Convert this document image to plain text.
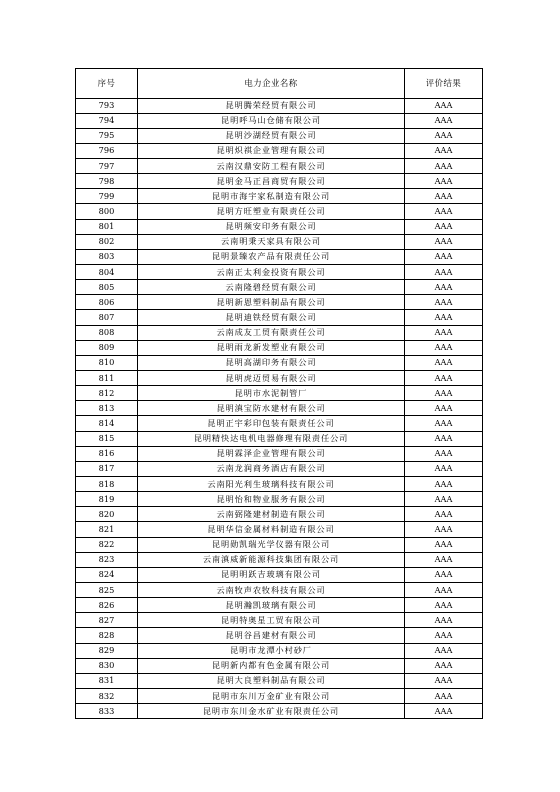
序号	电力企业名称	评价结果
793	昆明腾荣经贸有限公司	AAA
794	昆明呼马山仓储有限公司	AAA
795	昆明沙湖经贸有限公司	AAA
796	昆明炽祺企业管理有限公司	AAA
797	云南汉鼎安防工程有限公司	AAA
798	昆明金马正昌商贸有限公司	AAA
799	昆明市海宇家私制造有限公司	AAA
800	昆明方旺塑业有限责任公司	AAA
801	昆明频安印务有限公司	AAA
802	云南明秉天家具有限公司	AAA
803	昆明景臻农产品有限责任公司	AAA
804	云南正太利金投资有限公司	AAA
805	云南隆碧经贸有限公司	AAA
806	昆明新恩塑料制品有限公司	AAA
807	昆明迪铁经贸有限公司	AAA
808	云南成友工贸有限责任公司	AAA
809	昆明雨龙新发塑业有限公司	AAA
810	昆明高湖印务有限公司	AAA
811	昆明虎迈贸易有限公司	AAA
812	昆明市水泥制管厂	AAA
813	昆明滇宝防水建材有限公司	AAA
814	昆明正宇彩印包装有限责任公司	AAA
815	昆明精快达电机电器修理有限责任公司	AAA
816	昆明霖泽企业管理有限公司	AAA
817	云南龙润商务酒店有限公司	AAA
818	云南阳光利生玻璃科技有限公司	AAA
819	昆明怡和物业服务有限公司	AAA
820	云南弼隆建材制造有限公司	AAA
821	昆明华信金属材料制造有限公司	AAA
822	昆明勋凯瑞光学仪器有限公司	AAA
823	云南滇威新能源科技集团有限公司	AAA
824	昆明明跃吉玻璃有限公司	AAA
825	云南牧声农牧科技有限公司	AAA
826	昆明瀚凯玻璃有限公司	AAA
827	昆明特奥星工贸有限公司	AAA
828	昆明谷昌建材有限公司	AAA
829	昆明市龙潭小村砂厂	AAA
830	昆明新内都有色金属有限公司	AAA
831	昆明大良塑料制品有限公司	AAA
832	昆明市东川万金矿业有限公司	AAA
833	昆明市东川金水矿业有限责任公司	AAA
